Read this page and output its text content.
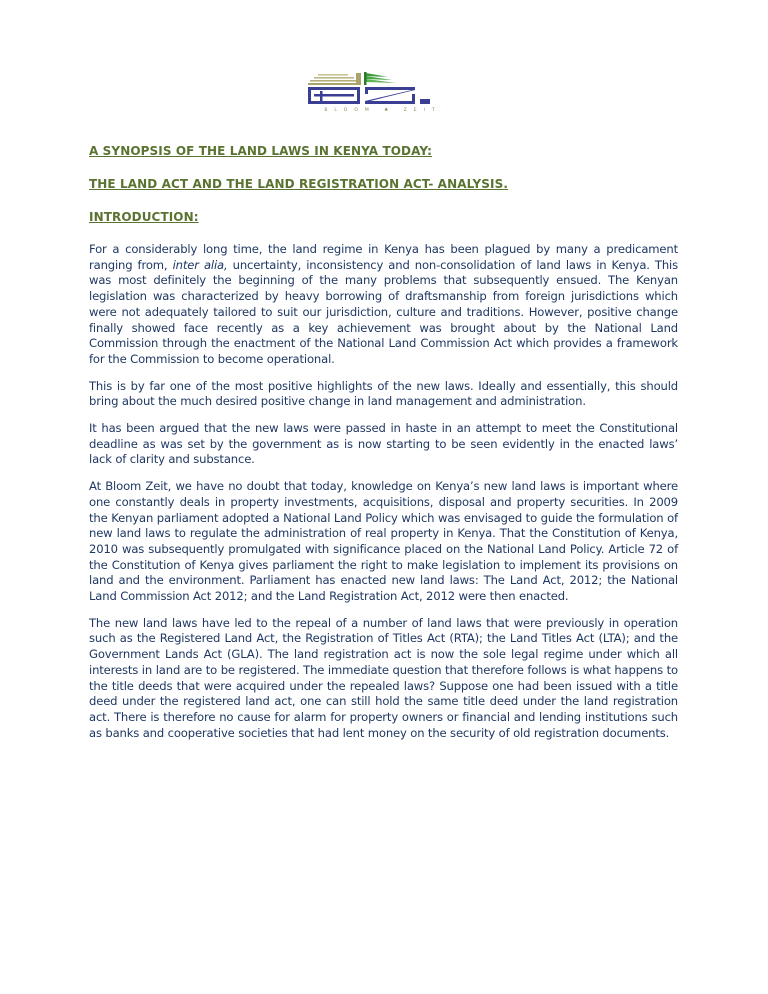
BLOOM ♣ ZEIT

A SYNOPSIS OF THE LAND LAWS IN KENYA TODAY:

THE LAND ACT AND THE LAND REGISTRATION ACT- ANALYSIS.

INTRODUCTION:

For a considerably long time, the land regime in Kenya has been plagued by many a predicament ranging from, inter alia, uncertainty, inconsistency and non-consolidation of land laws in Kenya. This was most definitely the beginning of the many problems that subsequently ensued. The Kenyan legislation was characterized by heavy borrowing of draftsmanship from foreign jurisdictions which were not adequately tailored to suit our jurisdiction, culture and traditions. However, positive change finally showed face recently as a key achievement was brought about by the National Land Commission through the enactment of the National Land Commission Act which provides a framework for the Commission to become operational.

This is by far one of the most positive highlights of the new laws. Ideally and essentially, this should bring about the much desired positive change in land management and administration.

It has been argued that the new laws were passed in haste in an attempt to meet the Constitutional deadline as was set by the government as is now starting to be seen evidently in the enacted laws’ lack of clarity and substance.

At Bloom Zeit, we have no doubt that today, knowledge on Kenya’s new land laws is important where one constantly deals in property investments, acquisitions, disposal and property securities. In 2009 the Kenyan parliament adopted a National Land Policy which was envisaged to guide the formulation of new land laws to regulate the administration of real property in Kenya. That the Constitution of Kenya, 2010 was subsequently promulgated with significance placed on the National Land Policy. Article 72 of the Constitution of Kenya gives parliament the right to make legislation to implement its provisions on land and the environment. Parliament has enacted new land laws: The Land Act, 2012; the National Land Commission Act 2012; and the Land Registration Act, 2012 were then enacted.

The new land laws have led to the repeal of a number of land laws that were previously in operation such as the Registered Land Act, the Registration of Titles Act (RTA); the Land Titles Act (LTA); and the Government Lands Act (GLA). The land registration act is now the sole legal regime under which all interests in land are to be registered. The immediate question that therefore follows is what happens to the title deeds that were acquired under the repealed laws? Suppose one had been issued with a title deed under the registered land act, one can still hold the same title deed under the land registration act. There is therefore no cause for alarm for property owners or financial and lending institutions such as banks and cooperative societies that had lent money on the security of old registration documents.
